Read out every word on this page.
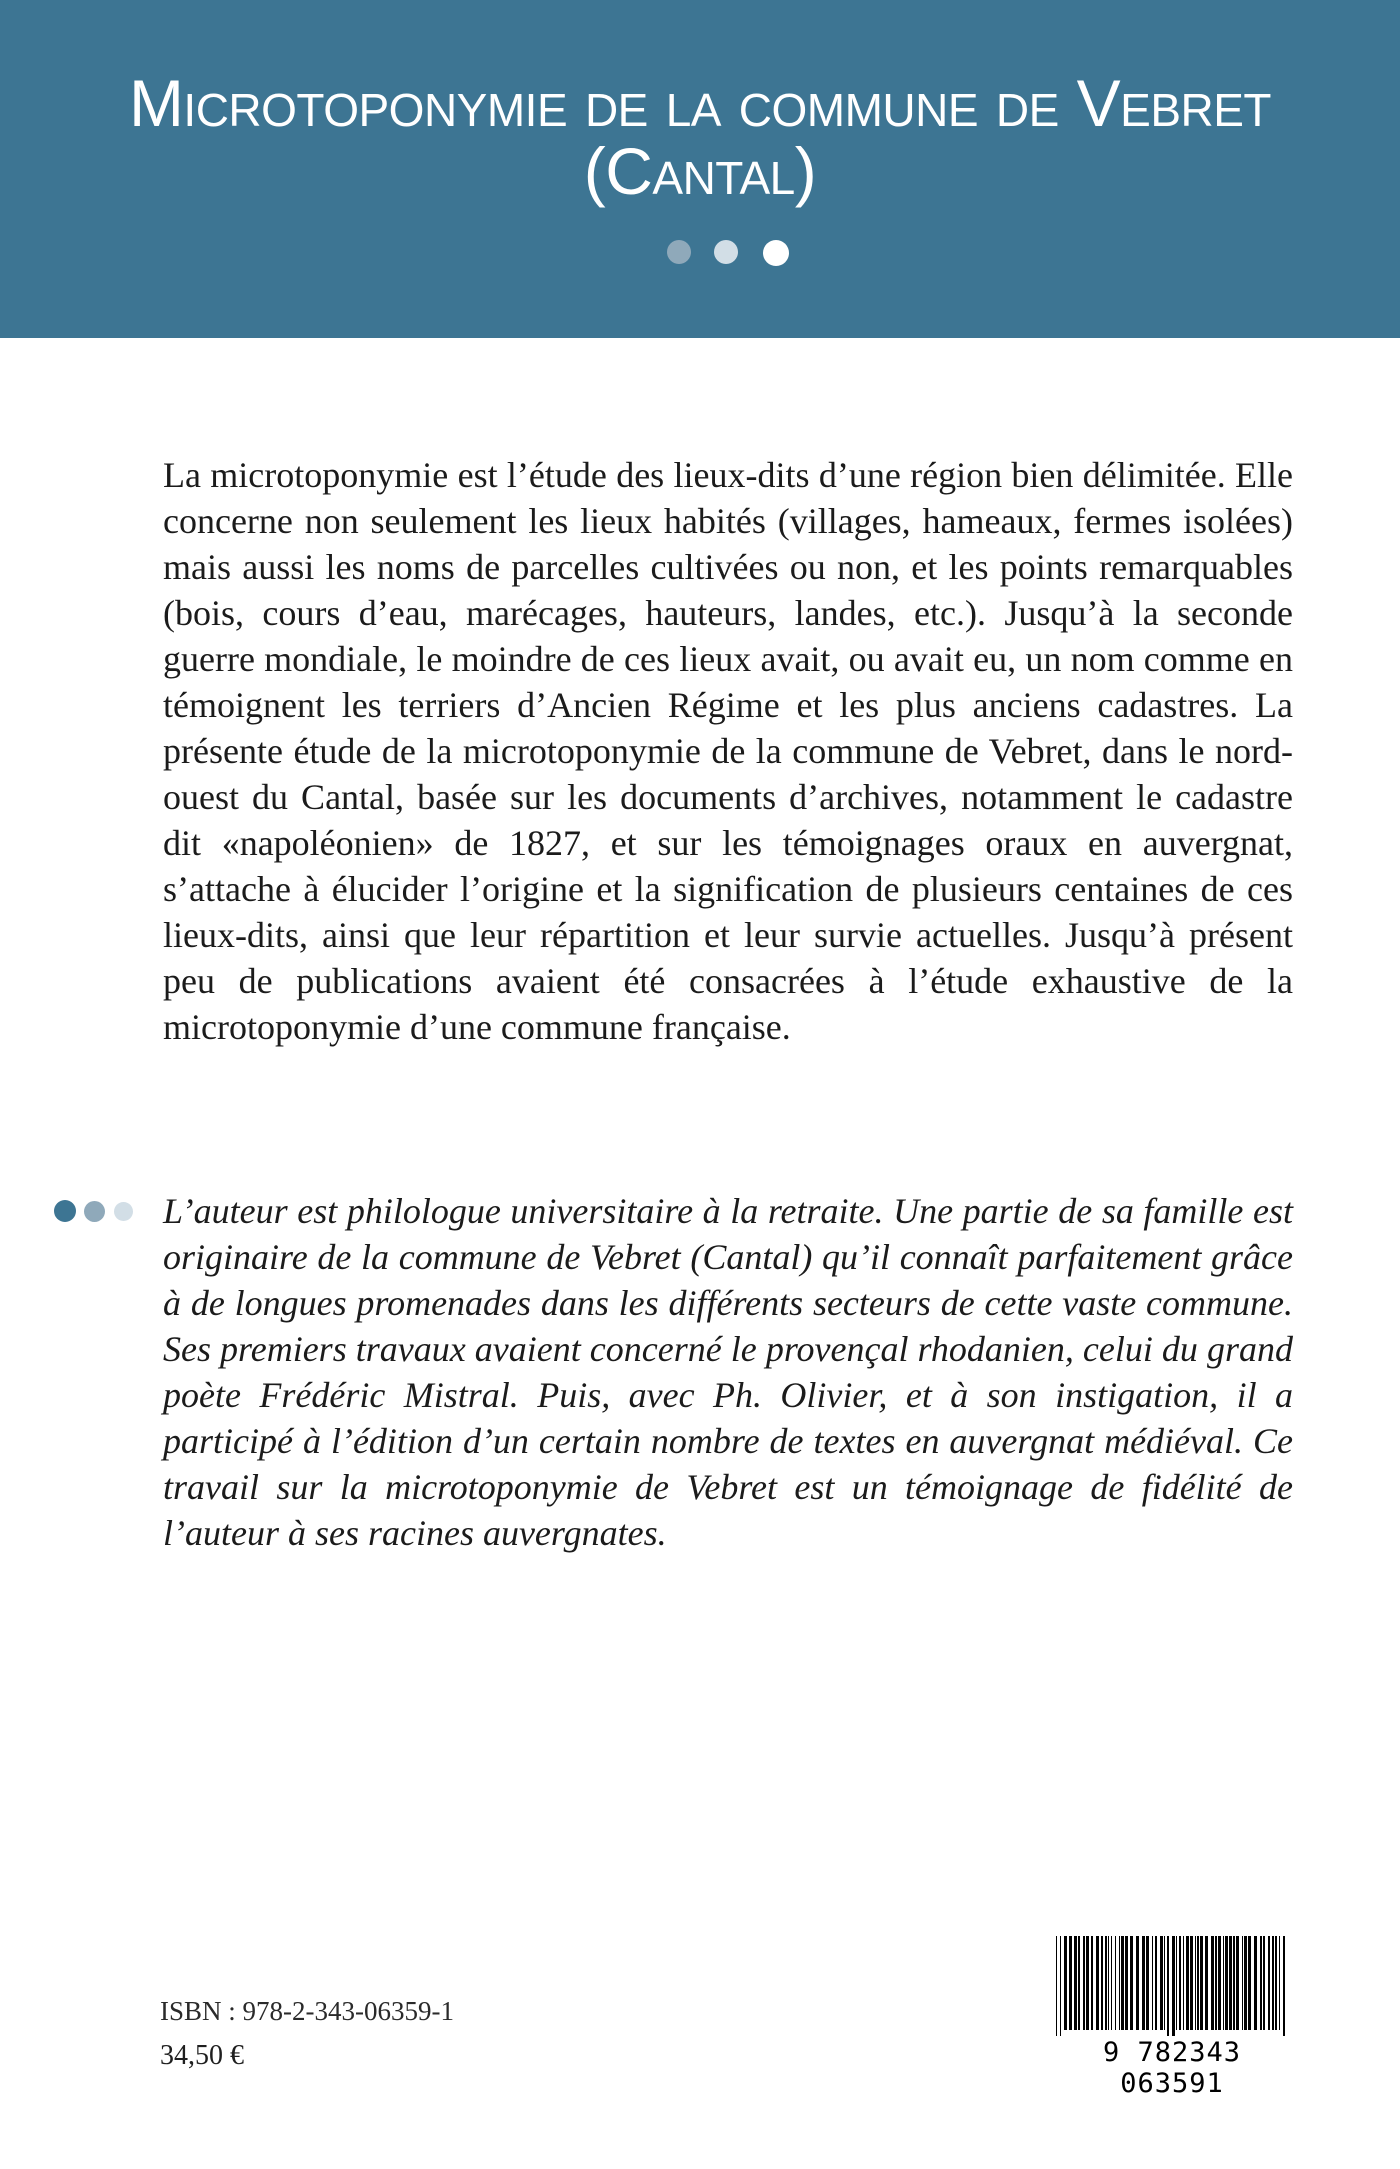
Microtoponymie de la commune de Vebret
(Cantal)

La microtoponymie est l’étude des lieux-dits d’une région bien délimitée. Elle concerne non seulement les lieux habités (villages, hameaux, fermes isolées) mais aussi les noms de parcelles cultivées ou non, et les points remarquables (bois, cours d’eau, marécages, hauteurs, landes, etc.). Jusqu’à la seconde guerre mondiale, le moindre de ces lieux avait, ou avait eu, un nom comme en témoignent les terriers d’Ancien Régime et les plus anciens cadastres. La présente étude de la microtoponymie de la commune de Vebret, dans le nord-ouest du Cantal, basée sur les documents d’archives, notamment le cadastre dit «napoléonien» de 1827, et sur les témoignages oraux en auvergnat, s’attache à élucider l’origine et la signification de plusieurs centaines de ces lieux-dits, ainsi que leur répartition et leur survie actuelles. Jusqu’à présent peu de publications avaient été consacrées à l’étude exhaustive de la microtoponymie d’une commune française.

L’auteur est philologue universitaire à la retraite. Une partie de sa famille est originaire de la commune de Vebret (Cantal) qu’il connaît parfaitement grâce à de longues promenades dans les différents secteurs de cette vaste commune. Ses premiers travaux avaient concerné le provençal rhodanien, celui du grand poète Frédéric Mistral. Puis, avec Ph. Olivier, et à son instigation, il a participé à l’édition d’un certain nombre de textes en auvergnat médiéval. Ce travail sur la microtoponymie de Vebret est un témoignage de fidélité de l’auteur à ses racines auvergnates.

ISBN : 978-2-343-06359-1
34,50 €	9 782343 063591
